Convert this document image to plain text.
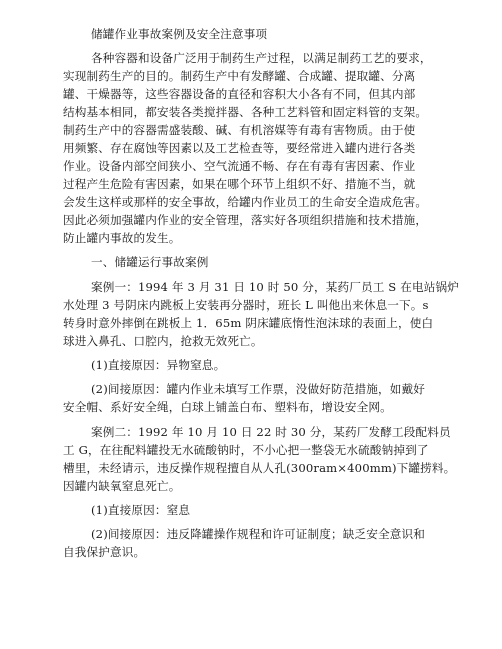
储罐作业事故案例及安全注意事项
各种容器和设备广泛用于制药生产过程，以满足制药工艺的要求，
实现制药生产的目的。制药生产中有发酵罐、合成罐、提取罐、分离
罐、干燥器等，这些容器设备的直径和容积大小各有不同，但其内部
结构基本相同，都安装各类搅拌器、各种工艺料管和固定料管的支架。
制药生产中的容器需盛装酸、碱、有机溶媒等有毒有害物质。由于使
用频繁、存在腐蚀等因素以及工艺检查等，要经常进入罐内进行各类
作业。设备内部空间狭小、空气流通不畅、存在有毒有害因素、作业
过程产生危险有害因素，如果在哪个环节上组织不好、措施不当，就
会发生这样或那样的安全事故，给罐内作业员工的生命安全造成危害。
因此必须加强罐内作业的安全管理，落实好各项组织措施和技术措施，
防止罐内事故的发生。
一、储罐运行事故案例
案例一：1994 年 3 月 31 日 10 时 50 分，某药厂员工 S 在电站锅炉
水处理 3 号阴床内跳板上安装再分器时，班长 L 叫他出来休息一下。s
转身时意外摔倒在跳板上 1．65m 阴床罐底惰性泡沫球的表面上，使白
球进入鼻孔、口腔内，抢救无效死亡。
(1)直接原因：异物窒息。
(2)间接原因：罐内作业未填写工作票，没做好防范措施，如戴好
安全帽、系好安全绳，白球上铺盖白布、塑料布，增设安全网。
案例二：1992 年 10 月 10 日 22 时 30 分，某药厂发酵工段配料员
工 G，在往配料罐投无水硫酸钠时，不小心把一整袋无水硫酸钠掉到了
槽里，未经请示，违反操作规程擅自从人孔(300ram×400mm)下罐捞料。
因罐内缺氧窒息死亡。
(1)直接原因：窒息
(2)间接原因：违反降罐操作规程和许可证制度；缺乏安全意识和
自我保护意识。
